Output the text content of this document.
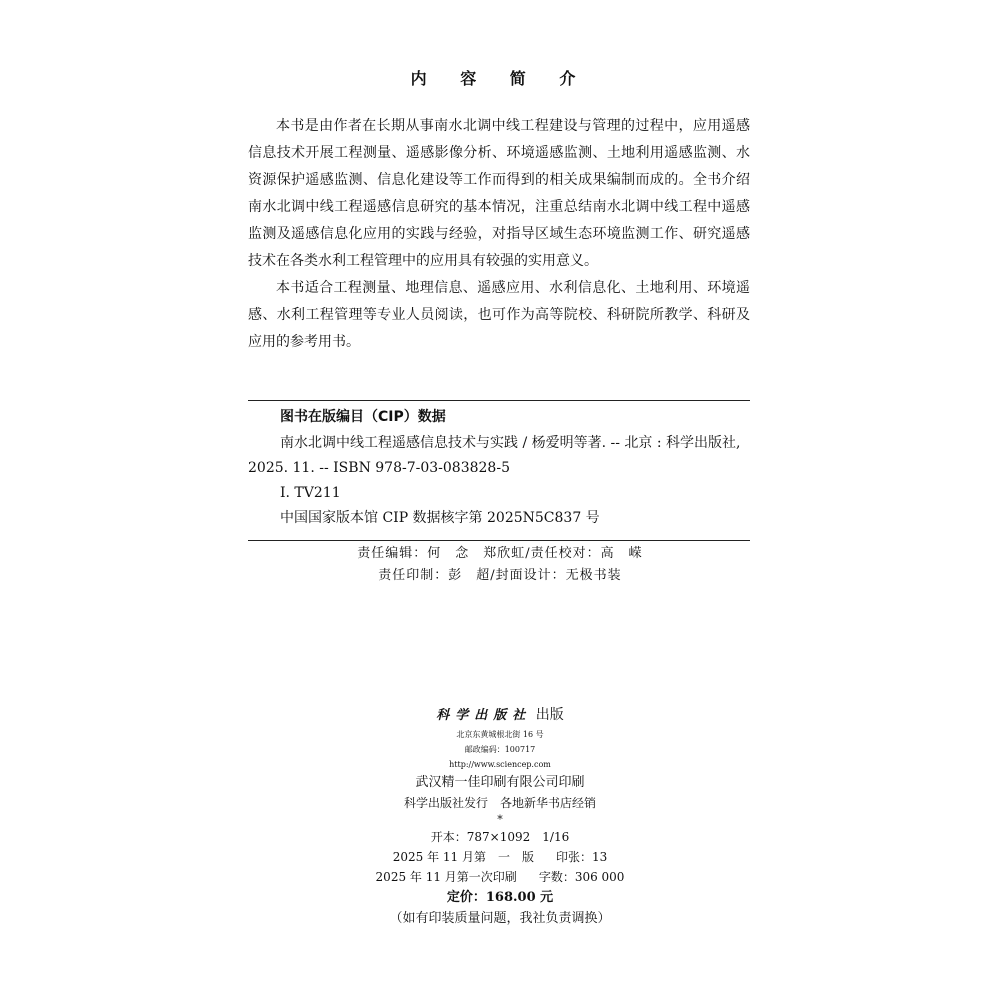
内 容 简 介

本书是由作者在长期从事南水北调中线工程建设与管理的过程中，应用遥感信息技术开展工程测量、遥感影像分析、环境遥感监测、土地利用遥感监测、水资源保护遥感监测、信息化建设等工作而得到的相关成果编制而成的。全书介绍南水北调中线工程遥感信息研究的基本情况，注重总结南水北调中线工程中遥感监测及遥感信息化应用的实践与经验，对指导区域生态环境监测工作、研究遥感技术在各类水利工程管理中的应用具有较强的实用意义。

本书适合工程测量、地理信息、遥感应用、水利信息化、土地利用、环境遥感、水利工程管理等专业人员阅读，也可作为高等院校、科研院所教学、科研及应用的参考用书。

图书在版编目（CIP）数据
南水北调中线工程遥感信息技术与实践 / 杨爱明等著. -- 北京 : 科学出版社, 2025. 11. -- ISBN 978-7-03-083828-5
I. TV211
中国国家版本馆 CIP 数据核字第 2025N5C837 号
责任编辑：何　念　郑欣虹/责任校对：高　嵘
责任印制：彭　超/封面设计：无极书装
科学出版社 出版
北京东黄城根北街 16 号
邮政编码：100717
http://www.sciencep.com
武汉精一佳印刷有限公司印刷
科学出版社发行　各地新华书店经销
*
开本：787×1092　1/16
2025 年 11 月第　一　版 印张：13
2025 年 11 月第一次印刷 字数：306 000
定价：168.00 元
（如有印装质量问题，我社负责调换）
